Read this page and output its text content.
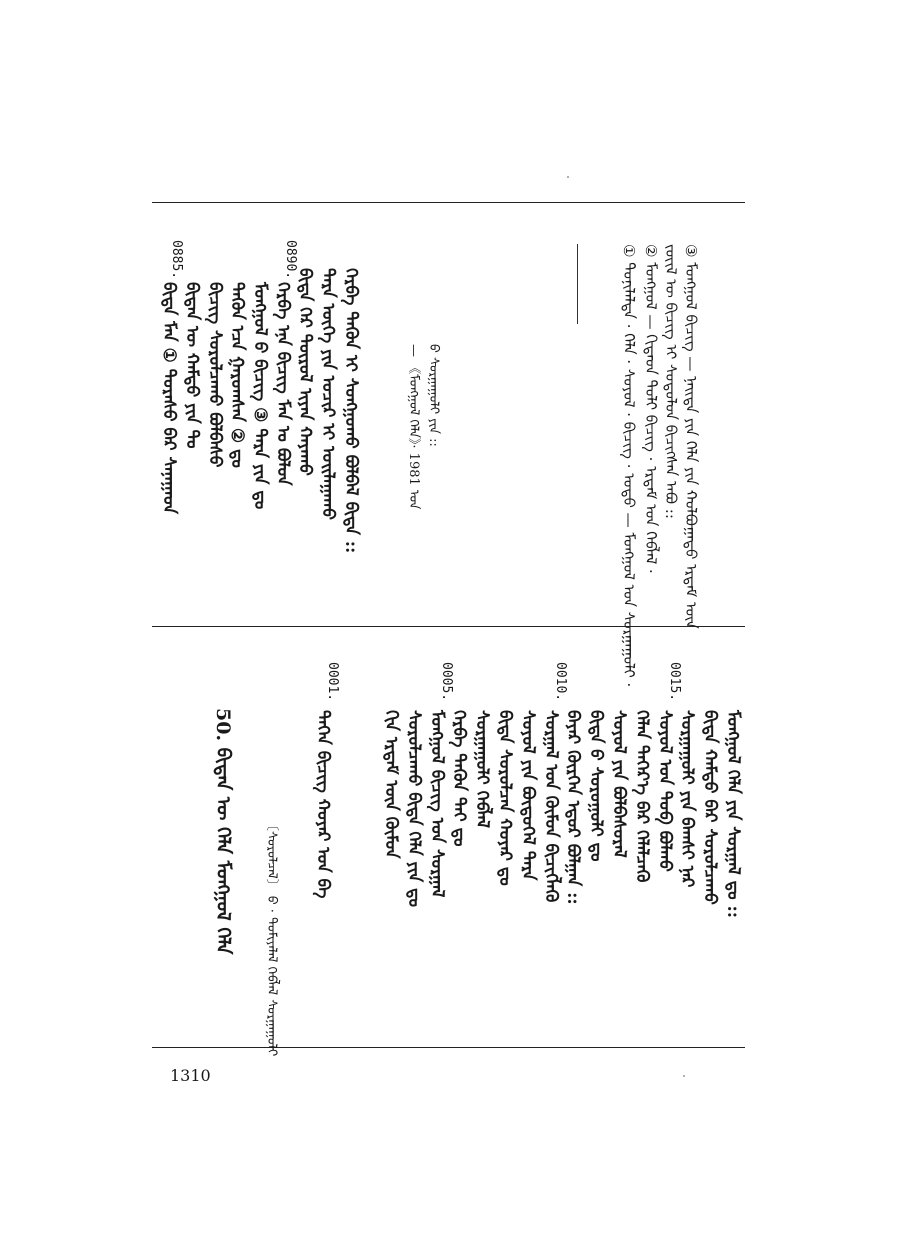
③ ᠮᠣᠩᠭᠣᠯ ᠪᠢᠴᠢᠭ — ᠨᠡᠢᠲᠡ ᠶᠢᠨ ᠬᠡᠯᠡ ᠶᠢᠨ ᠬᠣᠯᠪᠣᠭᠠᠲᠤ ᠡᠷᠳᠡᠮ ᠦᠨ
ᠵᠦᠢᠯ ᠦ ᠪᠢᠴᠢᠭ ᠢ ᠰᠤᠳᠤᠯᠤᠨ ᠪᠢᠴᠢᠭᠰᠡᠨ ᠠᠪᠤ ::
② ᠮᠣᠩᠭᠣᠯ — ᠬᠢᠲᠠᠳ ᠲᠣᠯᠢ ᠪᠢᠴᠢᠭ · ᠡᠷᠳᠡᠮ ᠤᠨ ᠬᠡᠪᠯᠡᠯ ·
① ᠲᠣᠨᠢᠯᠠᠯᠲᠠ · ᠬᠡᠯᠡ · ᠰᠣᠶᠣᠯ · ᠪᠢᠴᠢᠭ · ᠣᠳᠤ — ᠮᠣᠩᠭᠣᠯ ᠤᠨ ᠰᠤᠷᠭᠠᠭᠤᠯᠢ ·
ᠪ ᠰᠤᠷᠭᠠᠭᠤᠯᠢ ᠶᠢᠨ ::
— 《ᠮᠣᠩᠭᠣᠯ ᠬᠡᠯᠡ》· 1981 ᠣᠨ
ᠬᠡᠷᠪᠡ ᠲᠡᠭᠦᠨ ᠢ ᠰᠣᠩᠭᠣᠬᠤ ᠪᠣᠯᠪᠠᠯ ᠪᠢᠳᠡ ::
ᠲᠡᠷᠡ ᠦᠭᠡ ᠶᠢᠨ ᠤᠴᠢᠷ ᠢ ᠣᠢᠯᠠᠭᠠᠬᠤ
ᠪᠢᠳᠡ ᠭᠡᠷ ᠲᠦᠷᠦᠯ ᠢᠶᠡᠨ ᠬᠠᠶᠠᠬᠤ
0890.
ᠬᠡᠷᠪᠡ ᠡᠨᠡ ᠪᠢᠴᠢᠭ ᠮᠠᠨ ᠤ ᠪᠣᠯᠤᠨ
ᠮᠣᠩᠭᠣᠯ ᠪ ᠪᠢᠴᠢᠭ ③ ᠲᠡᠷᠡ ᠶᠢᠨ ᠳᠤ
ᠲᠡᠭᠦᠨ ᠡᠴᠡ ᠭᠠᠷᠤᠭᠰᠠᠨ ② ᠳᠤ
ᠪᠢᠴᠢᠭ ᠰᠤᠷᠤᠯᠴᠠᠬᠤ ᠪᠣᠯᠪᠠᠰᠤ
ᠪᠢᠳᠡᠨ ᠦ ᠬᠠᠮᠲᠤ ᠶᠢᠨ ᠲᠤ
0885.
ᠪᠢᠳᠡ ᠮᠠᠨ ① ᠳᠤᠷᠠᠰᠤ ᠪᠠᠷ ᠰᠠᠨᠠᠭᠠᠳ
ᠮᠣᠩᠭᠣᠯ ᠬᠡᠯᠡ ᠶᠢᠨ ᠰᠤᠷᠭᠠᠯ ᠳᠤ ::
ᠪᠢᠳᠡ ᠬᠠᠮᠲᠤ ᠪᠠᠷ ᠰᠤᠷᠤᠯᠴᠠᠬᠤ
ᠰᠤᠷᠭᠠᠭᠤᠯᠢ ᠶᠢᠨ ᠪᠠᠭᠰᠢ ᠨᠠᠷ
0015.
ᠰᠣᠶᠣᠯ ᠤᠨ ᠲᠣᠪ ᠪᠣᠯᠬᠤ
ᠬᠡᠯᠡᠨ ᠳᠡᠭᠡᠷ᠎ᠡ ᠪᠠᠷ ᠬᠡᠯᠡᠯᠴᠡᠬᠦ
ᠰᠣᠶᠣᠯ ᠶᠢᠨ ᠪᠣᠯᠪᠠᠰᠤᠷᠠᠯ
ᠪᠢᠳᠡ ᠪ ᠰᠤᠷᠤᠭᠤᠯᠢ ᠳᠤ
ᠪᠠᠶᠠᠷ ᠬᠦᠷᠭᠡᠨ ᠡᠳᠦᠷ ᠪᠣᠯᠭᠠᠨ ::
0010.
ᠰᠤᠷᠭᠠᠯ ᠤᠨ ᠬᠦᠮᠦᠨ ᠪᠢᠴᠢᠭᠯᠡᠬᠦ
ᠰᠣᠶᠣᠯ ᠶᠢᠨ ᠪᠦᠲᠦᠭᠡᠯ ᠲᠡᠷᠡ
ᠪᠢᠳᠡ ᠰᠤᠷᠤᠯᠴᠠᠨ ᠬᠣᠶᠠᠷ ᠳᠤ
ᠰᠤᠷᠭᠠᠭᠤᠯᠢ ᠬᠡᠪᠯᠡᠯ
ᠬᠡᠷᠪᠡ ᠲᠡᠭᠦᠨ ᠲᠡᠢ ᠳᠤ
0005.
ᠮᠣᠩᠭᠣᠯ ᠪᠢᠴᠢᠭ ᠤᠨ ᠰᠤᠷᠭᠠᠯ
ᠰᠤᠷᠤᠯᠴᠠᠬᠤ ᠪᠢᠳᠡ ᠬᠡᠯᠡ ᠶᠢᠨ ᠳᠤ
ᠬᠢᠨ ᠡᠷᠳᠡᠮ ᠦᠨ ᠬᠦᠮᠦᠨ
0001.
ᠲᠡᠭᠡᠨ ᠪᠢᠴᠢᠭ ᠬᠣᠶᠠᠷ ᠤᠨ ᠪᠠ
〔ᠰᠤᠷᠤᠯᠴᠠᠯ〕 ᠪ · ᠲᠣᠮᠢᠶᠠᠯᠠᠯ ᠬᠡᠪᠯᠡᠯ ᠰᠤᠷᠭᠠᠭᠤᠯᠢ
50. ᠪᠢᠳᠡᠨ ᠦ ᠬᠡᠯᠡ ᠮᠣᠩᠭᠣᠯ ᠬᠡᠯᠡ
1310
